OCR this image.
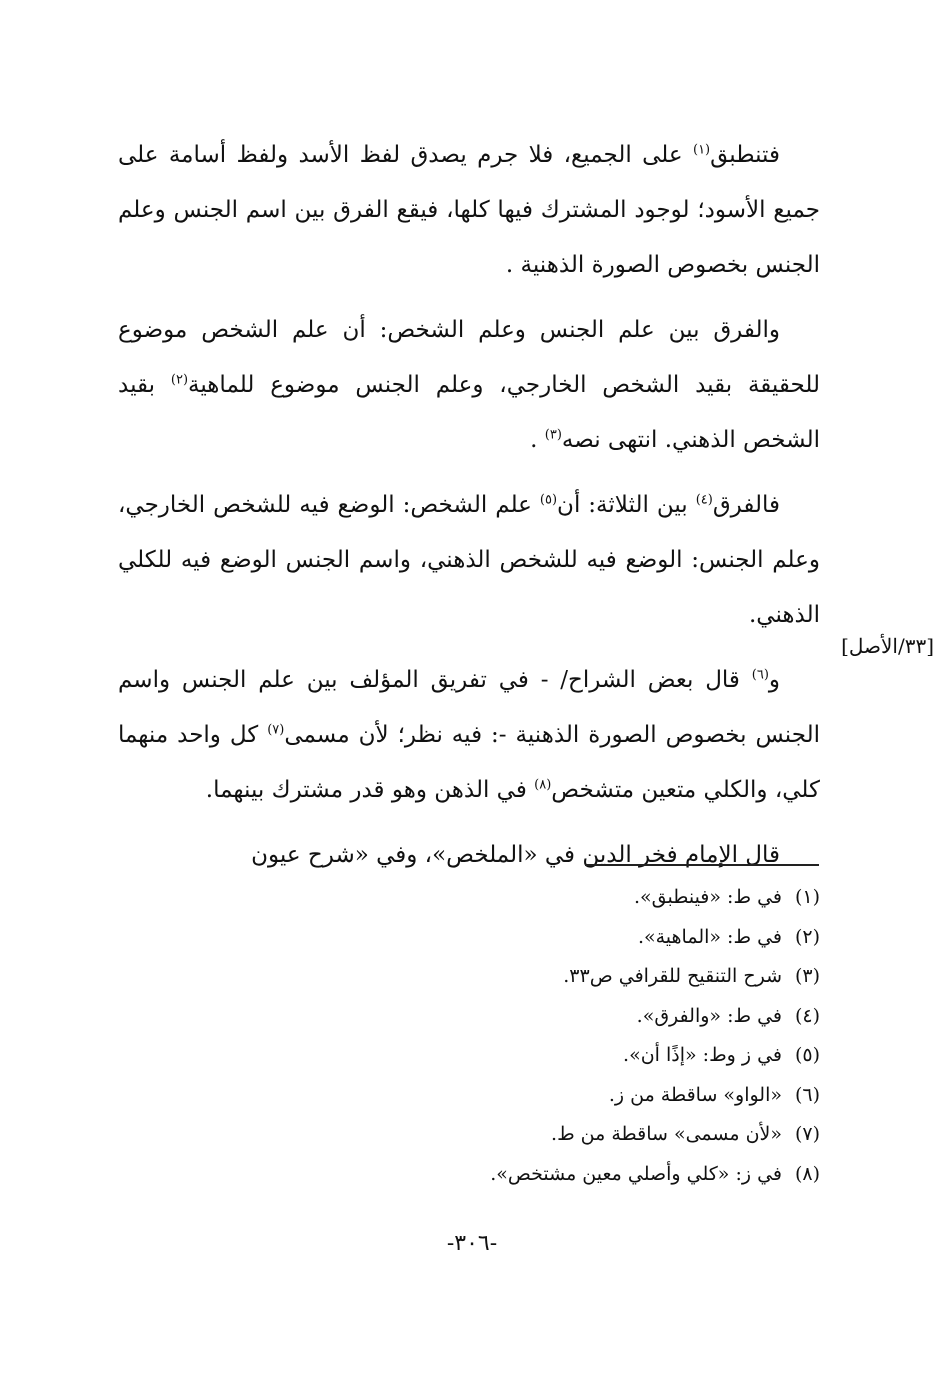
فتنطبق$^{(١)}$ على الجميع، فلا جرم يصدق لفظ الأسد ولفظ أسامة على جميع الأسود؛ لوجود المشترك فيها كلها، فيقع الفرق بين اسم الجنس وعلم الجنس بخصوص الصورة الذهنية .

والفرق بين علم الجنس وعلم الشخص: أن علم الشخص موضوع للحقيقة بقيد الشخص الخارجي، وعلم الجنس موضوع للماهية$^{(٢)}$ بقيد الشخص الذهني. انتهى نصه$^{(٣)}$ .

فالفرق$^{(٤)}$ بين الثلاثة: أن$^{(٥)}$ علم الشخص: الوضع فيه للشخص الخارجي، وعلم الجنس: الوضع فيه للشخص الذهني، واسم الجنس الوضع فيه للكلي الذهني.

و$^{(٦)}$ قال بعض الشراح/ - في تفريق المؤلف بين علم الجنس واسم الجنس بخصوص الصورة الذهنية -: فيه نظر؛ لأن مسمى$^{(٧)}$ كل واحد منهما كلي، والكلي متعين متشخص$^{(٨)}$ في الذهن وهو قدر مشترك بينهما.

قال الإمام فخر الدين في «الملخص»، وفي «شرح عيون

[٣٣/الأصل]
(١)في ط: «فينطبق».
(٢)في ط: «الماهية».
(٣)شرح التنقيح للقرافي ص٣٣.
(٤)في ط: «والفرق».
(٥)في ز وط: «إذًا أن».
(٦)«الواو» ساقطة من ز.
(٧)«لأن مسمى» ساقطة من ط.
(٨)في ز: «كلي وأصلي معين مشتخص».
-٣٠٦-
